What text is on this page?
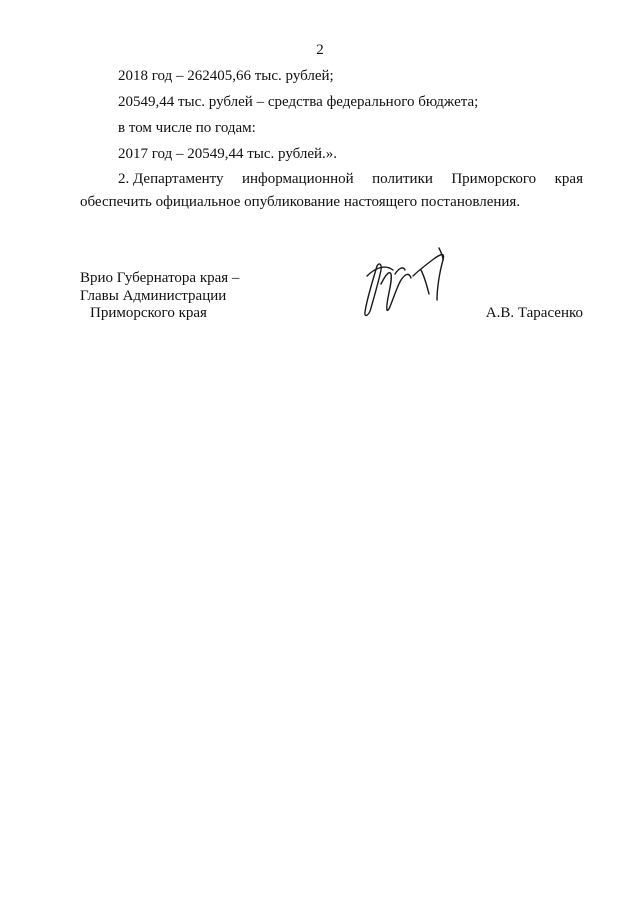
2
2018 год – 262405,66 тыс. рублей;
20549,44 тыс. рублей – средства федерального бюджета;
в том числе по годам:
2017 год – 20549,44 тыс. рублей.».
2. Департаменту информационной политики Приморского края
обеспечить официальное опубликование настоящего постановления.
Врио Губернатора края –
Главы Администрации
Приморского края	А.В. Тарасенко
